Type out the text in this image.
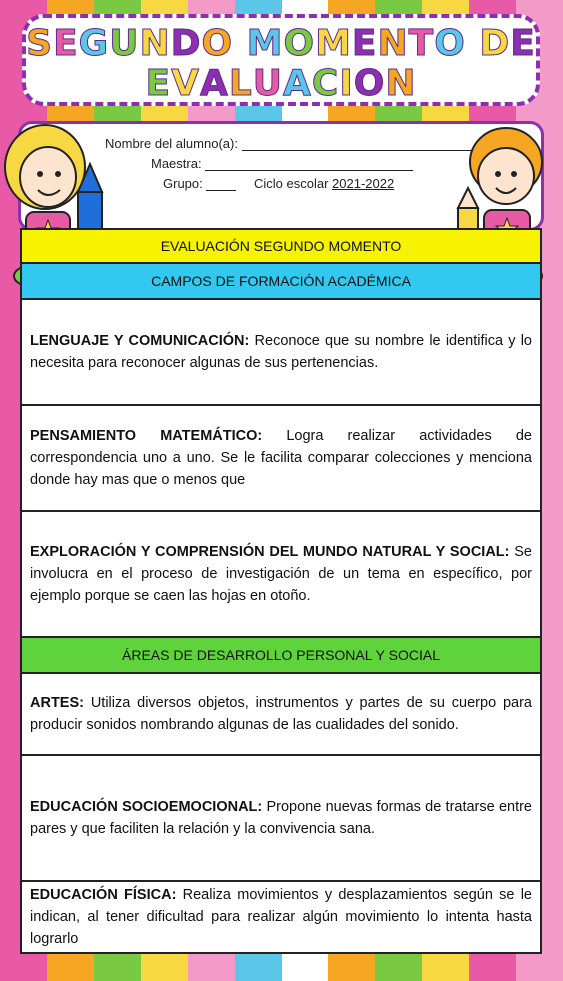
SEGUNDO MOMENTO DE
EVALUACION
Nombre del alumno(a):
Maestra:
Grupo:	Ciclo escolar 2021-2022
EVALUACIÓN SEGUNDO MOMENTO
CAMPOS DE FORMACIÓN ACADÉMICA
LENGUAJE Y COMUNICACIÓN: Reconoce que su nombre le identifica y lo necesita para reconocer algunas de sus pertenencias.
PENSAMIENTO MATEMÁTICO: Logra realizar actividades de correspondencia uno a uno. Se le facilita comparar colecciones y menciona donde hay mas que o menos que
EXPLORACIÓN Y COMPRENSIÓN DEL MUNDO NATURAL Y SOCIAL: Se involucra en el proceso de investigación de un tema en específico, por ejemplo porque se caen las hojas en otoño.
ÁREAS DE DESARROLLO PERSONAL Y SOCIAL
ARTES: Utiliza diversos objetos, instrumentos y partes de su cuerpo para producir sonidos nombrando algunas de las cualidades del sonido.
EDUCACIÓN SOCIOEMOCIONAL: Propone nuevas formas de tratarse entre pares y que faciliten la relación y la convivencia sana.
EDUCACIÓN FÍSICA: Realiza movimientos y desplazamientos según se le indican, al tener dificultad para realizar algún movimiento lo intenta hasta lograrlo
